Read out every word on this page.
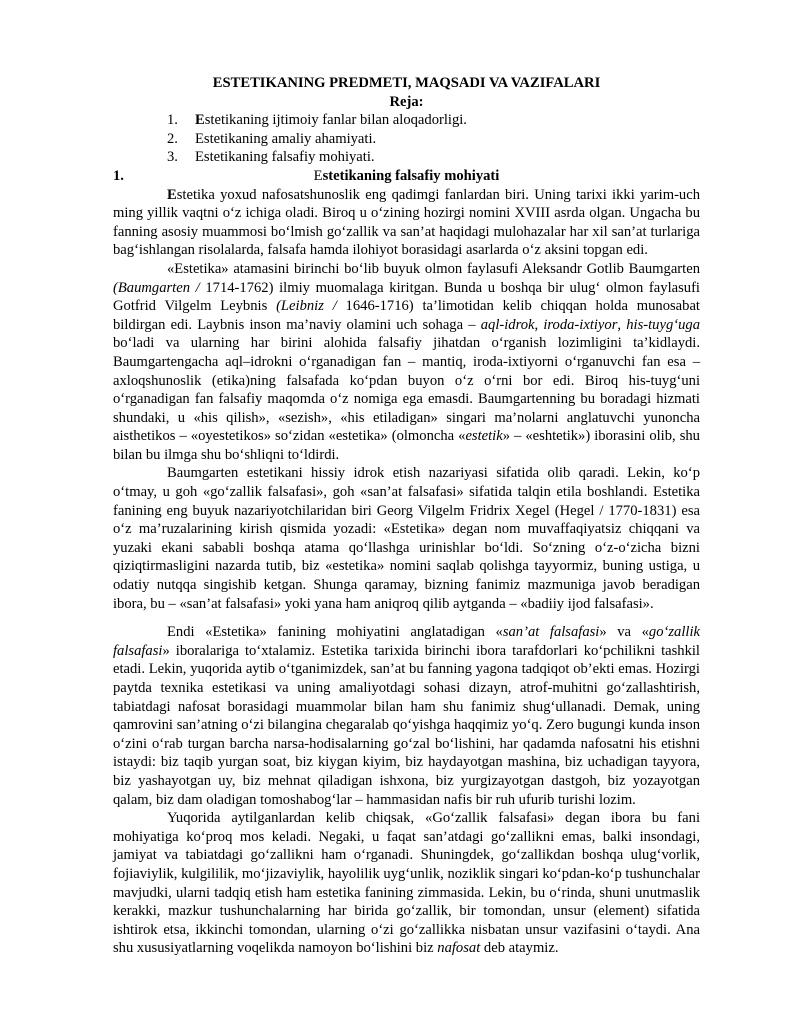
ESTETIKANING PREDMETI, MAQSADI VA VAZIFALARI

Reja:

1.	Estetikaning ijtimoiy fanlar bilan aloqadorligi.
2.	Estetikaning amaliy ahamiyati.
3.	Estetikaning falsafiy mohiyati.
1.	Estetikaning falsafiy mohiyati

Estetika yoxud nafosatshunoslik eng qadimgi fanlardan biri. Uning tarixi ikki yarim-uch ming yillik vaqtni o‘z ichiga oladi. Biroq u o‘zining hozirgi nomini XVIII asrda olgan. Ungacha bu fanning asosiy muammosi bo‘lmish go‘zallik va san’at haqidagi mulohazalar har xil san’at turlariga bag‘ishlangan risolalarda, falsafa hamda ilohiyot borasidagi asarlarda o‘z aksini topgan edi.

«Estetika» atamasini birinchi bo‘lib buyuk olmon faylasufi Aleksandr Gotlib Baumgarten (Baumgarten / 1714-1762) ilmiy muomalaga kiritgan. Bunda u boshqa bir ulug‘ olmon faylasufi Gotfrid Vilgelm Leybnis (Leibniz / 1646-1716) ta’limotidan kelib chiqqan holda munosabat bildirgan edi. Laybnis inson ma’naviy olamini uch sohaga – aql-idrok, iroda-ixtiyor, his-tuyg‘uga bo‘ladi va ularning har birini alohida falsafiy jihatdan o‘rganish lozimligini ta’kidlaydi. Baumgartengacha aql–idrokni o‘rganadigan fan – mantiq, iroda-ixtiyorni o‘rganuvchi fan esa – axloqshunoslik (etika)ning falsafada ko‘pdan buyon o‘z o‘rni bor edi. Biroq his-tuyg‘uni o‘rganadigan fan falsafiy maqomda o‘z nomiga ega emasdi. Baumgartenning bu boradagi hizmati shundaki, u «his qilish», «sezish», «his etiladigan» singari ma’nolarni anglatuvchi yunoncha aisthetikos – «oyestetikos» so‘zidan «estetika» (olmoncha «estetik» – «eshtetik») iborasini olib, shu bilan bu ilmga shu bo‘shliqni to‘ldirdi.

Baumgarten estetikani hissiy idrok etish nazariyasi sifatida olib qaradi. Lekin, ko‘p o‘tmay, u goh «go‘zallik falsafasi», goh «san’at falsafasi» sifatida talqin etila boshlandi. Estetika fanining eng buyuk nazariyotchilaridan biri Georg Vilgelm Fridrix Xegel (Hegel / 1770-1831) esa o‘z ma’ruzalarining kirish qismida yozadi: «Estetika» degan nom muvaffaqiyatsiz chiqqani va yuzaki ekani sababli boshqa atama qo‘llashga urinishlar bo‘ldi. So‘zning o‘z-o‘zicha bizni qiziqtirmasligini nazarda tutib, biz «estetika» nomini saqlab qolishga tayyormiz, buning ustiga, u odatiy nutqqa singishib ketgan. Shunga qaramay, bizning fanimiz mazmuniga javob beradigan ibora, bu – «san’at falsafasi» yoki yana ham aniqroq qilib aytganda – «badiiy ijod falsafasi».

Endi «Estetika» fanining mohiyatini anglatadigan «san’at falsafasi» va «go‘zallik falsafasi» iboralariga to‘xtalamiz. Estetika tarixida birinchi ibora tarafdorlari ko‘pchilikni tashkil etadi. Lekin, yuqorida aytib o‘tganimizdek, san’at bu fanning yagona tadqiqot ob’ekti emas. Hozirgi paytda texnika estetikasi va uning amaliyotdagi sohasi dizayn, atrof-muhitni go‘zallashtirish, tabiatdagi nafosat borasidagi muammolar bilan ham shu fanimiz shug‘ullanadi. Demak, uning qamrovini san’atning o‘zi bilangina chegaralab qo‘yishga haqqimiz yo‘q. Zero bugungi kunda inson o‘zini o‘rab turgan barcha narsa-hodisalarning go‘zal bo‘lishini, har qadamda nafosatni his etishni istaydi: biz taqib yurgan soat, biz kiygan kiyim, biz haydayotgan mashina, biz uchadigan tayyora, biz yashayotgan uy, biz mehnat qiladigan ishxona, biz yurgizayotgan dastgoh, biz yozayotgan qalam, biz dam oladigan tomoshabog‘lar – hammasidan nafis bir ruh ufurib turishi lozim.

Yuqorida aytilganlardan kelib chiqsak, «Go‘zallik falsafasi» degan ibora bu fani mohiyatiga ko‘proq mos keladi. Negaki, u faqat san’atdagi go‘zallikni emas, balki insondagi, jamiyat va tabiatdagi go‘zallikni ham o‘rganadi. Shuningdek, go‘zallikdan boshqa ulug‘vorlik, fojiaviylik, kulgililik, mo‘jizaviylik, hayolilik uyg‘unlik, noziklik singari ko‘pdan-ko‘p tushunchalar mavjudki, ularni tadqiq etish ham estetika fanining zimmasida. Lekin, bu o‘rinda, shuni unutmaslik kerakki, mazkur tushunchalarning har birida go‘zallik, bir tomondan, unsur (element) sifatida ishtirok etsa, ikkinchi tomondan, ularning o‘zi go‘zallikka nisbatan unsur vazifasini o‘taydi. Ana shu xususiyatlarning voqelikda namoyon bo‘lishini biz nafosat deb ataymiz.
